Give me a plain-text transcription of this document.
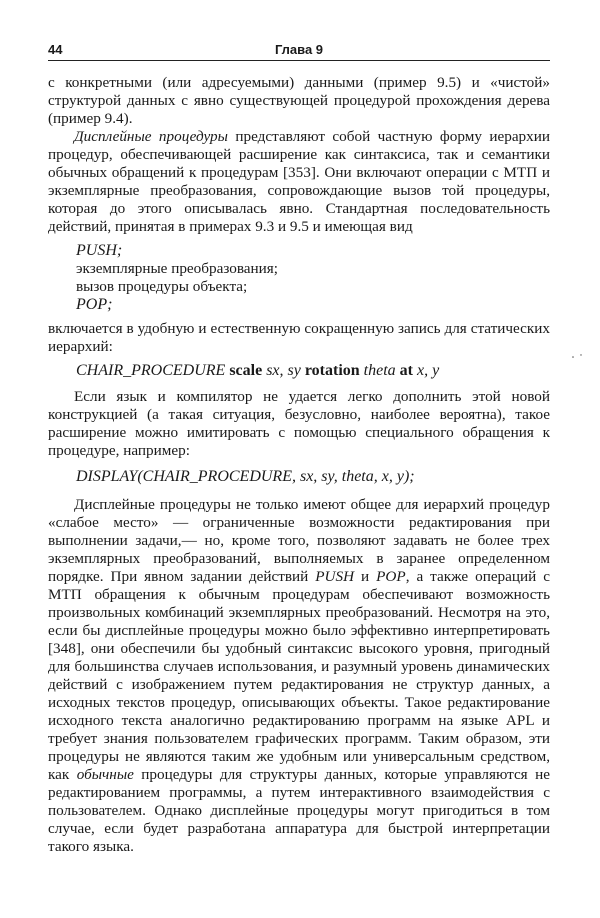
44	Глава 9

с конкретными (или адресуемыми) данными (пример 9.5) и «чистой» структурой данных с явно существующей процедурой прохождения дерева (пример 9.4).

Дисплейные процедуры представляют собой частную форму иерархии процедур, обеспечивающей расширение как синтаксиса, так и семантики обычных обращений к процедурам [353]. Они включают операции с МТП и экземплярные преобразования, сопровождающие вызов той процедуры, которая до этого описывалась явно. Стандартная последовательность действий, принятая в примерах 9.3 и 9.5 и имеющая вид

PUSH;
экземплярные преобразования;
вызов процедуры объекта;
POP;

включается в удобную и естественную сокращенную запись для статических иерархий:

CHAIR_PROCEDURE scale sx, sy rotation theta at x, y

Если язык и компилятор не удается легко дополнить этой новой конструкцией (а такая ситуация, безусловно, наиболее вероятна), такое расширение можно имитировать с помощью специального обращения к процедуре, например:

DISPLAY(CHAIR_PROCEDURE, sx, sy, theta, x, y);

Дисплейные процедуры не только имеют общее для иерархий процедур «слабое место» — ограниченные возможности редактирования при выполнении задачи,— но, кроме того, позволяют задавать не более трех экземплярных преобразований, выполняемых в заранее определенном порядке. При явном задании действий PUSH и POP, а также операций с МТП обращения к обычным процедурам обеспечивают возможность произвольных комбинаций экземплярных преобразований. Несмотря на это, если бы дисплейные процедуры можно было эффективно интерпретировать [348], они обеспечили бы удобный синтаксис высокого уровня, пригодный для большинства случаев использования, и разумный уровень динамических действий с изображением путем редактирования не структур данных, а исходных текстов процедур, описывающих объекты. Такое редактирование исходного текста аналогично редактированию программ на языке APL и требует знания пользователем графических программ. Таким образом, эти процедуры не являются таким же удобным или универсальным средством, как обычные процедуры для структуры данных, которые управляются не редактированием программы, а путем интерактивного взаимодействия с пользователем. Однако дисплейные процедуры могут пригодиться в том случае, если будет разработана аппаратура для быстрой интерпретации такого языка.
